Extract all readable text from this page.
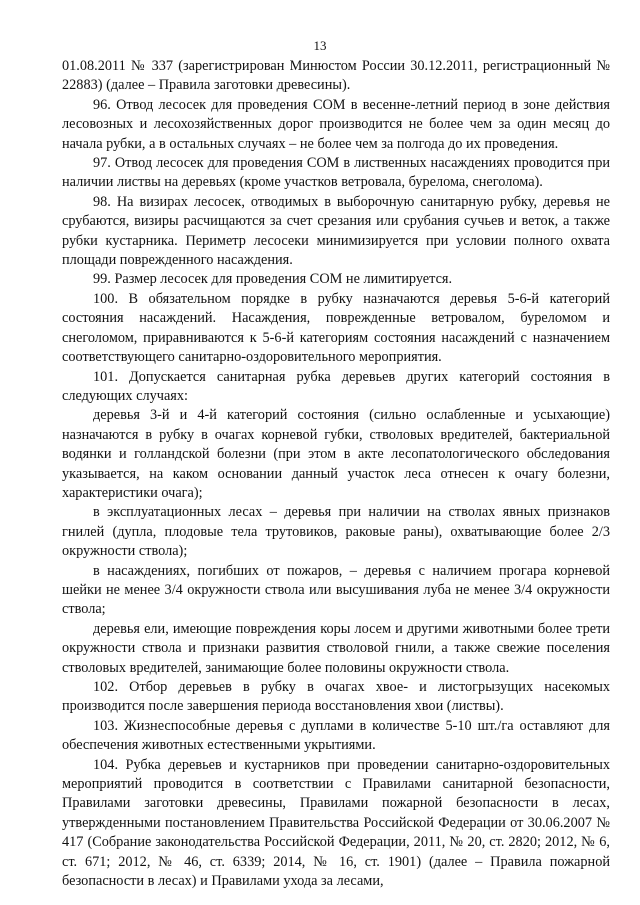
13

01.08.2011 № 337 (зарегистрирован Минюстом России 30.12.2011, регистрационный № 22883) (далее – Правила заготовки древесины).

96. Отвод лесосек для проведения СОМ в весенне-летний период в зоне действия лесовозных и лесохозяйственных дорог производится не более чем за один месяц до начала рубки, а в остальных случаях – не более чем за полгода до их проведения.

97. Отвод лесосек для проведения СОМ в лиственных насаждениях проводится при наличии листвы на деревьях (кроме участков ветровала, бурелома, снеголома).

98. На визирах лесосек, отводимых в выборочную санитарную рубку, деревья не срубаются, визиры расчищаются за счет срезания или срубания сучьев и веток, а также рубки кустарника. Периметр лесосеки минимизируется при условии полного охвата площади поврежденного насаждения.

99. Размер лесосек для проведения СОМ не лимитируется.

100. В обязательном порядке в рубку назначаются деревья 5-6-й категорий состояния насаждений. Насаждения, поврежденные ветровалом, буреломом и снеголомом, приравниваются к 5-6-й категориям состояния насаждений с назначением соответствующего санитарно-оздоровительного мероприятия.

101. Допускается санитарная рубка деревьев других категорий состояния в следующих случаях:

деревья 3-й и 4-й категорий состояния (сильно ослабленные и усыхающие) назначаются в рубку в очагах корневой губки, стволовых вредителей, бактериальной водянки и голландской болезни (при этом в акте лесопатологического обследования указывается, на каком основании данный участок леса отнесен к очагу болезни, характеристики очага);

в эксплуатационных лесах – деревья при наличии на стволах явных признаков гнилей (дупла, плодовые тела трутовиков, раковые раны), охватывающие более 2/3 окружности ствола);

в насаждениях, погибших от пожаров, – деревья с наличием прогара корневой шейки не менее 3/4 окружности ствола или высушивания луба не менее 3/4 окружности ствола;

деревья ели, имеющие повреждения коры лосем и другими животными более трети окружности ствола и признаки развития стволовой гнили, а также свежие поселения стволовых вредителей, занимающие более половины окружности ствола.

102. Отбор деревьев в рубку в очагах хвое- и листогрызущих насекомых производится после завершения периода восстановления хвои (листвы).

103. Жизнеспособные деревья с дуплами в количестве 5-10 шт./га оставляют для обеспечения животных естественными укрытиями.

104. Рубка деревьев и кустарников при проведении санитарно-оздоровительных мероприятий проводится в соответствии с Правилами санитарной безопасности, Правилами заготовки древесины, Правилами пожарной безопасности в лесах, утвержденными постановлением Правительства Российской Федерации от 30.06.2007 № 417 (Собрание законодательства Российской Федерации, 2011, № 20, ст. 2820; 2012, № 6, ст. 671; 2012, № 46, ст. 6339; 2014, № 16, ст. 1901) (далее – Правила пожарной безопасности в лесах) и Правилами ухода за лесами,
